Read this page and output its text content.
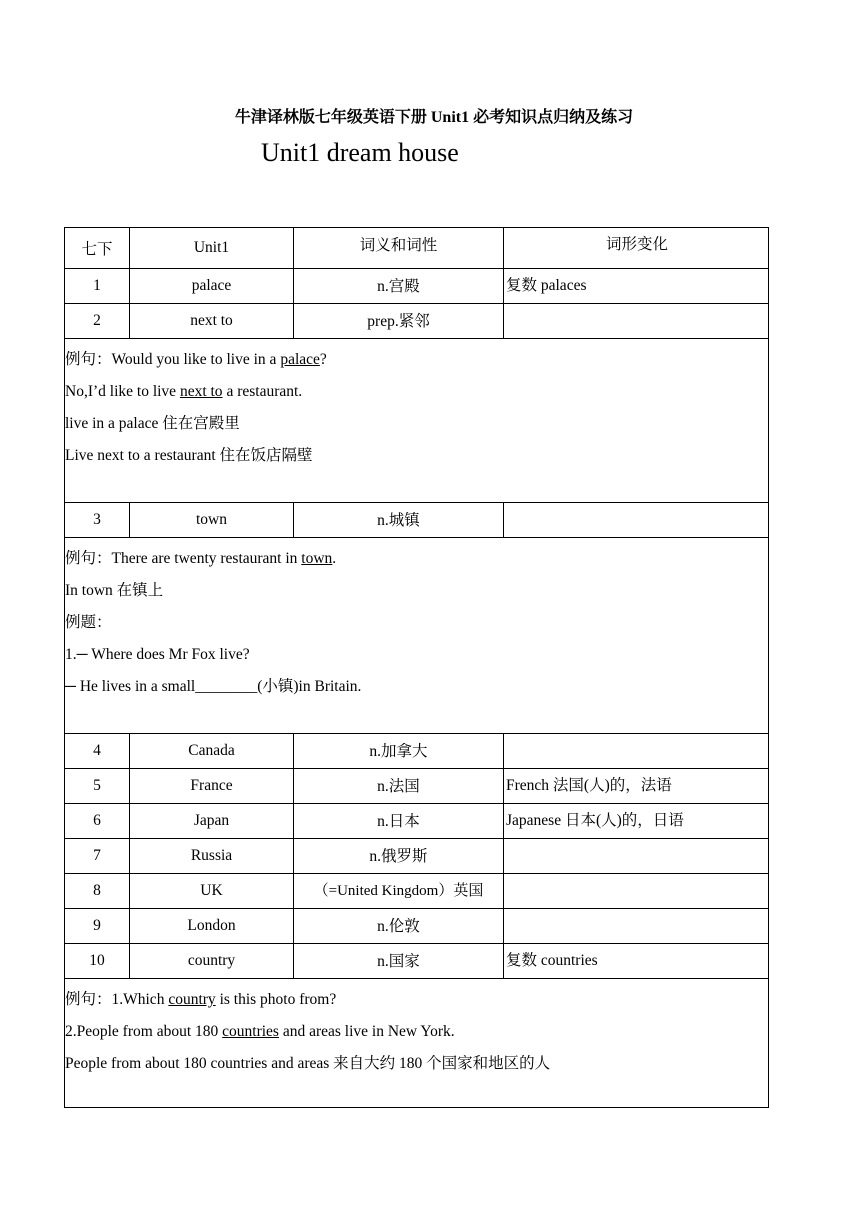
牛津译林版七年级英语下册 Unit1 必考知识点归纳及练习
Unit1 dream house
七下	Unit1	词义和词性	词形变化
1	palace	n.宫殿	复数 palaces
2	next to	prep.紧邻	

例句：Would you like to live in a palace?
No,I’d like to live next to a restaurant.
live in a palace 住在宫殿里
Live next to a restaurant 住在饭店隔壁			

3	town	n.城镇	

例句：There are twenty restaurant in town.
In town 在镇上
例题：
1.─ Where does Mr Fox live?
─ He lives in a small________(小镇)in Britain.			

4	Canada	n.加拿大	
5	France	n.法国	French 法国(人)的，法语
6	Japan	n.日本	Japanese 日本(人)的，日语
7	Russia	n.俄罗斯	
8	UK	（=United Kingdom）英国	
9	London	n.伦敦	
10	country	n.国家	复数 countries

例句：1.Which country is this photo from?
2.People from about 180 countries and areas live in New York.
People from about 180 countries and areas 来自大约 180 个国家和地区的人			
